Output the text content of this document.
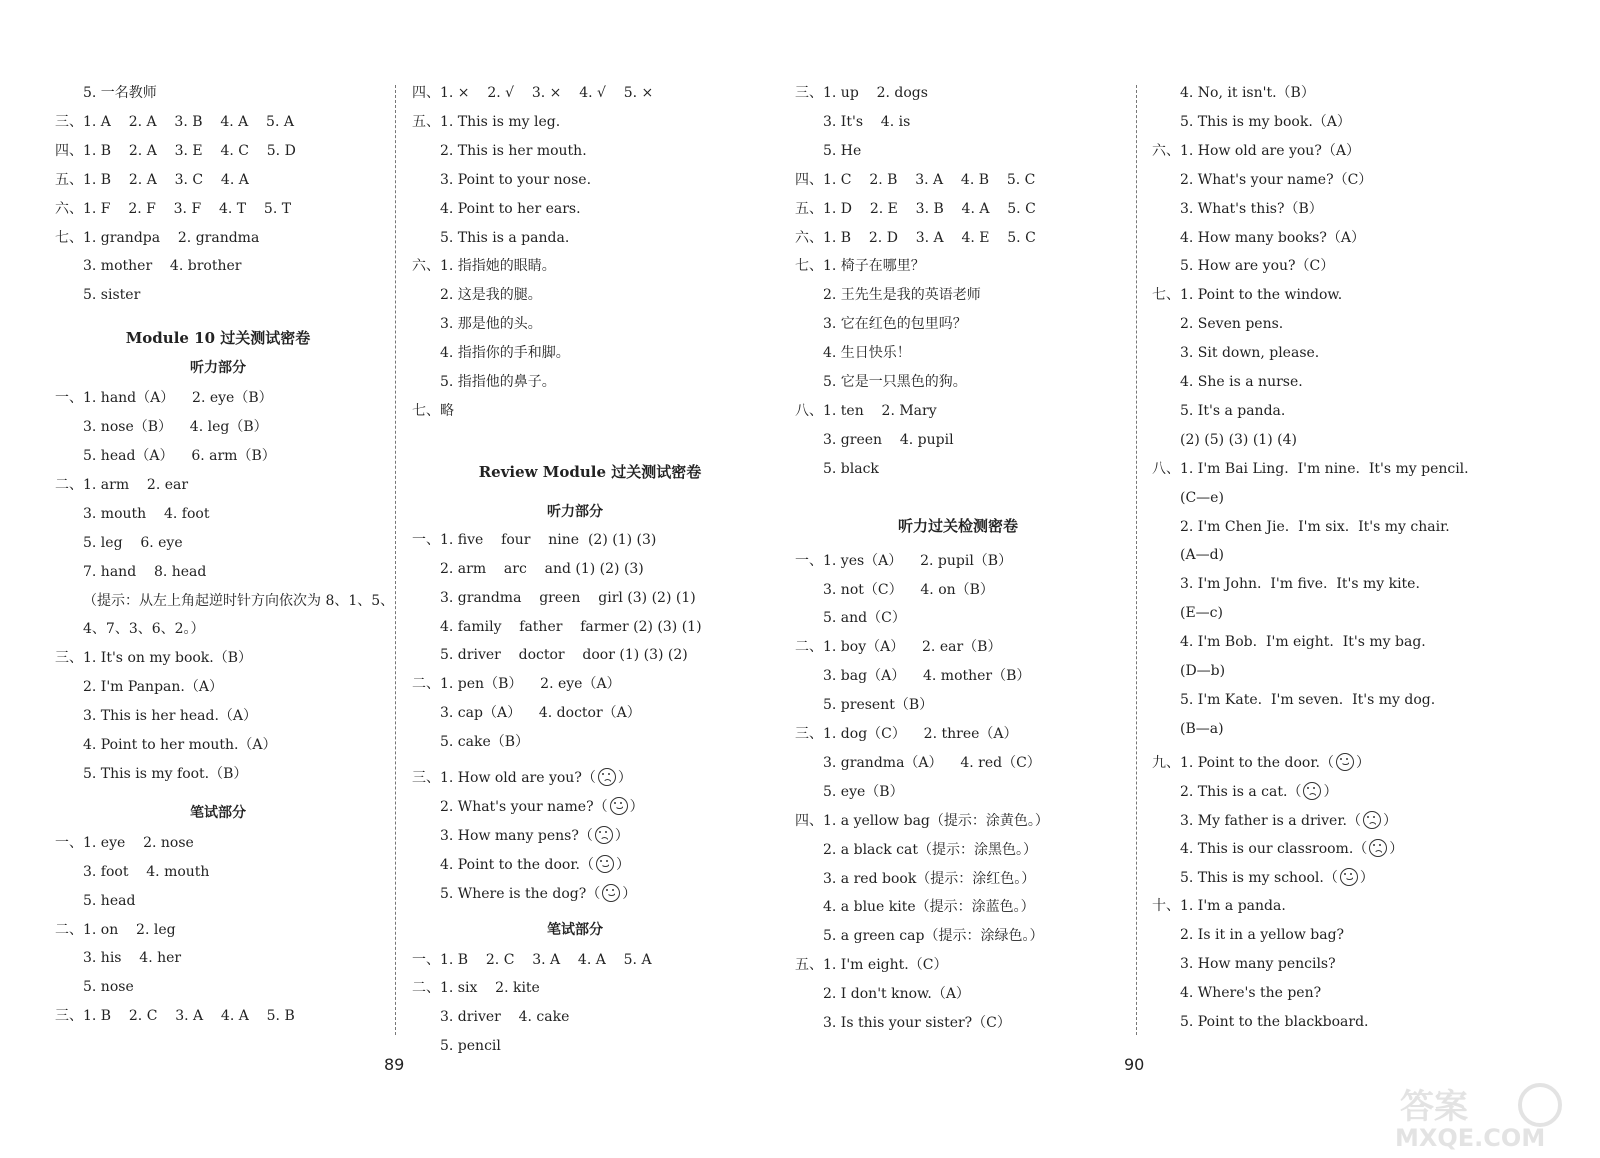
5. 一名教师
三、1. A    2. A    3. B    4. A    5. A
四、1. B    2. A    3. E    4. C    5. D
五、1. B    2. A    3. C    4. A
六、1. F    2. F    3. F    4. T    5. T
七、1. grandpa    2. grandma
3. mother    4. brother
5. sister
Module 10 过关测试密卷
听力部分
一、1. hand（A）    2. eye（B）
3. nose（B）    4. leg（B）
5. head（A）    6. arm（B）
二、1. arm    2. ear
3. mouth    4. foot
5. leg    6. eye
7. hand    8. head
（提示：从左上角起逆时针方向依次为 8、1、5、
4、7、3、6、2。）
三、1. It's on my book.（B）
2. I'm Panpan.（A）
3. This is her head.（A）
4. Point to her mouth.（A）
5. This is my foot.（B）
笔试部分
一、1. eye    2. nose
3. foot    4. mouth
5. head
二、1. on    2. leg
3. his    4. her
5. nose
三、1. B    2. C    3. A    4. A    5. B
四、1. ×    2. √    3. ×    4. √    5. ×
五、1. This is my leg.
2. This is her mouth.
3. Point to your nose.
4. Point to her ears.
5. This is a panda.
六、1. 指指她的眼睛。
2. 这是我的腿。
3. 那是他的头。
4. 指指你的手和脚。
5. 指指他的鼻子。
七、略
Review Module 过关测试密卷
听力部分
一、1. five    four    nine  (2) (1) (3)
2. arm    arc    and (1) (2) (3)
3. grandma    green    girl (3) (2) (1)
4. family    father    farmer (2) (3) (1)
5. driver    doctor    door (1) (3) (2)
二、1. pen（B）    2. eye（A）
3. cap（A）    4. doctor（A）
5. cake（B）
三、1. How old are you?（ ）
2. What's your name?（ ）
3. How many pens?（ ）
4. Point to the door.（ ）
5. Where is the dog?（ ）
笔试部分
一、1. B    2. C    3. A    4. A    5. A
二、1. six    2. kite
3. driver    4. cake
5. pencil
三、1. up    2. dogs
3. It's    4. is
5. He
四、1. C    2. B    3. A    4. B    5. C
五、1. D    2. E    3. B    4. A    5. C
六、1. B    2. D    3. A    4. E    5. C
七、1. 椅子在哪里？
2. 王先生是我的英语老师
3. 它在红色的包里吗？
4. 生日快乐！
5. 它是一只黑色的狗。
八、1. ten    2. Mary
3. green    4. pupil
5. black
听力过关检测密卷
一、1. yes（A）    2. pupil（B）
3. not（C）    4. on（B）
5. and（C）
二、1. boy（A）    2. ear（B）
3. bag（A）    4. mother（B）
5. present（B）
三、1. dog（C）    2. three（A）
3. grandma（A）    4. red（C）
5. eye（B）
四、1. a yellow bag（提示：涂黄色。）
2. a black cat（提示：涂黑色。）
3. a red book（提示：涂红色。）
4. a blue kite（提示：涂蓝色。）
5. a green cap（提示：涂绿色。）
五、1. I'm eight.（C）
2. I don't know.（A）
3. Is this your sister?（C）
4. No, it isn't.（B）
5. This is my book.（A）
六、1. How old are you?（A）
2. What's your name?（C）
3. What's this?（B）
4. How many books?（A）
5. How are you?（C）
七、1. Point to the window.
2. Seven pens.
3. Sit down, please.
4. She is a nurse.
5. It's a panda.
(2) (5) (3) (1) (4)
八、1. I'm Bai Ling.  I'm nine.  It's my pencil.
(C—e)
2. I'm Chen Jie.  I'm six.  It's my chair.
(A—d)
3. I'm John.  I'm five.  It's my kite.
(E—c)
4. I'm Bob.  I'm eight.  It's my bag.
(D—b)
5. I'm Kate.  I'm seven.  It's my dog.
(B—a)
九、1. Point to the door.（ ）
2. This is a cat.（ ）
3. My father is a driver.（ ）
4. This is our classroom.（ ）
5. This is my school.（ ）
十、1. I'm a panda.
2. Is it in a yellow bag?
3. How many pencils?
4. Where's the pen?
5. Point to the blackboard.
89	90
答案
MXQE.COM
